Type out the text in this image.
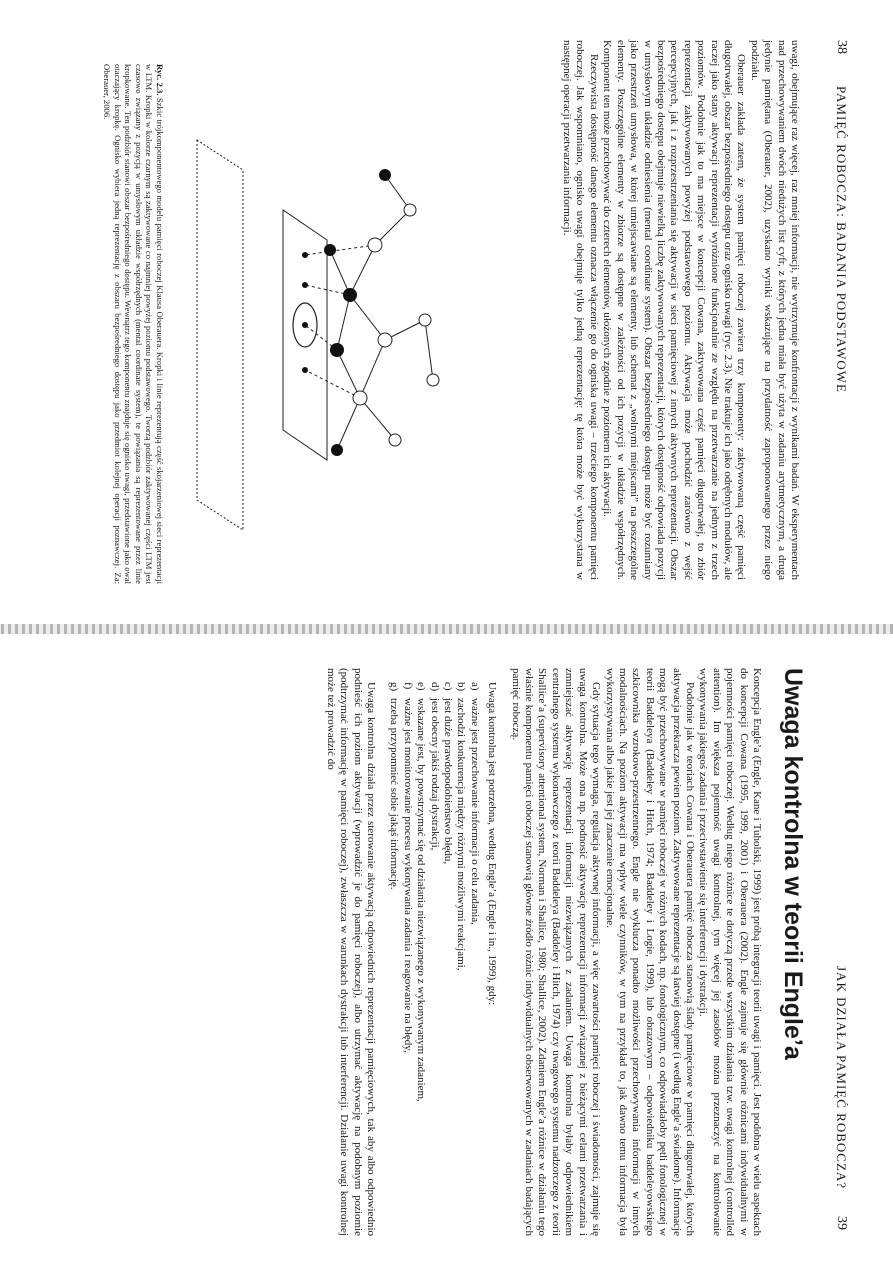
38
PAMIĘĆ ROBOCZA: BADANIA PODSTAWOWE

uwagi, obejmujące raz więcej, raz mniej informacji, nie wytrzymuje konfrontacji z wynikami badań. W eksperymentach nad przechowywaniem dwóch niedużych list cyfr, z których jedna miała być użyta w zadaniu arytmetycznym, a druga jedynie pamiętana (Oberauer, 2002), uzyskano wyniki wskazujące na przydatność zaproponowanego przez niego podziału.

Oberauer zakłada zatem, że system pamięci roboczej zawiera trzy komponenty: zaktywowaną część pamięci długotrwałej, obszar bezpośredniego dostępu oraz ognisko uwagi (ryc. 2.3). Nie traktuje ich jako odrębnych modułów, ale raczej jako stany aktywacji reprezentacji wyróżnione funkcjonalnie ze względu na przetwarzanie na jednym z trzech poziomów. Podobnie jak to ma miejsce w koncepcji Cowana, zaktywowana część pamięci długotrwałej, to zbiór reprezentacji zaktywowanych powyżej podstawowego poziomu. Aktywacja może pochodzić zarówno z wejść percepcyjnych, jak i z rozprzestrzeniania się aktywacji w sieci pamięciowej z innych aktywnych reprezentacji. Obszar bezpośredniego dostępu obejmuje niewielką liczbę zaktywowanych reprezentacji, których dostępność odpowiada pozycji w umysłowym układzie odniesienia (mental coordinate system). Obszar bezpośredniego dostępu może być rozumiany jako przestrzeń umysłowa, w której umiejscawiane są elementy, lub schemat z „wolnymi miejscami” na poszczególne elementy. Poszczególne elementy w zbiorze są dostępne w zależności od ich pozycji w układzie współrzędnych. Komponent ten może przechowywać do czterech elementów, ułożonych zgodnie z poziomem ich aktywacji.

Rzeczywista dostępność danego elementu oznacza włączenie go do ogniska uwagi – trzeciego komponentu pamięci roboczej. Jak wspomniano, ognisko uwagi obejmuje tylko jedną reprezentację: tę która może być wykorzystana w następnej operacji przetwarzania informacji.

Ryc. 2.3. Szkic trójkomponentowego modelu pamięci roboczej Klausa Oberauera. Kropki i linie reprezentują część skojarzeniowej sieci reprezentacji w LTM. Kropki w kolorze czarnym są zaktywowane co najmniej powyżej poziomu podstawowego. Tworzą podzbiór zaktywowanej części LTM jest czasowo związany z pozycją w umysłowym układzie współrzędnych (mental coordinate system), te powiązania są reprezentowane przez linie kropkowane. Ten podzbiór stanowi obszar bezpośredniego dostępu. Wewnątrz tego komponentu znajduje się ognisko uwagi, przedstawione jako owal otaczający kropkę. Ognisko wybiera jedną reprezentację z obszaru bezpośredniego dostępu jako przedmiot kolejnej operacji poznawczej. Za: Oberauer, 2006.
JAK DZIAŁA PAMIĘĆ ROBOCZA?
39
Uwaga kontrolna w teorii Engle’a

Koncepcja Engle’a (Engle, Kane i Tuholski, 1999) jest próbą integracji teorii uwagi i pamięci. Jest podobna w wielu aspektach do koncepcji Cowana (1995, 1999, 2001) i Oberauera (2002). Engle zajmuje się głównie różnicami indywidualnymi w pojemności pamięci roboczej. Według niego różnice te dotyczą przede wszystkim działania tzw. uwagi kontrolnej (controlled attention). Im większa pojemność uwagi kontrolnej, tym więcej jej zasobów można przeznaczyć na kontrolowanie wykonywania jakiegoś zadania i przeciwstawienie się interferencji i dystrakcji.

Podobnie jak w teoriach Cowana i Oberauera pamięć robocza stanowią ślady pamięciowe w pamięci długotrwałej, których aktywacja przekracza pewien poziom. Zaktywowane reprezentacje są łatwiej dostępne (i według Engle’a świadome). Informacje mogą być przechowywane w pamięci roboczej w różnych kodach, np. fonologicznym, co odpowiadałoby pętli fonologicznej w teorii Baddeleya (Baddeley i Hitch, 1974; Baddeley i Logie, 1999), lub obrazowym – odpowiedniku baddeleyowskiego szkicownika wzrokowo-przestrzennego. Engle nie wyklucza ponadto możliwości przechowywania informacji w innych modalnościach. Na poziom aktywacji ma wpływ wiele czynników, w tym na przykład to, jak dawno temu informacja była wykorzystywana albo jakie jest jej znaczenie emocjonalne.

Gdy sytuacja tego wymaga, regulacja aktywnej informacji, a więc zawartości pamięci roboczej i świadomości, zajmuje się uwaga kontrolna. Może ona np. podnosić aktywację reprezentacji informacji związanej z bieżącymi celami przetwarzania i zmniejszać aktywację reprezentacji informacji niezwiązanych z zadaniem. Uwaga kontrolna byłaby odpowiednikiem centralnego systemu wykonawczego z teorii Baddeleya (Baddeley i Hitch, 1974) czy uwagowego systemu nadzorczego z teorii Shallice’a (supervisory attentional system, Norman i Shallice, 1980; Shallice, 2002). Zdaniem Engle’a różnice w działaniu tego właśnie komponentu pamięci roboczej stanowią główne źródło różnic indywidualnych obserwowanych w zadaniach badających pamięć roboczą.

Uwaga kontrolna jest potrzebna, według Engle’a (Engle i in., 1999), gdy:

a)
ważne jest przechowanie informacji o celu zadania,
b)
zachodzi konkurencja między różnymi możliwymi reakcjami,
c)
jest duże prawdopodobieństwo błędu,
d)
jest obecny jakiś rodzaj dystrakcji,
e)
wskazane jest, by powstrzymać się od działania niezwiązanego z wykonywanym zadaniem,
f)
ważne jest monitorowanie procesu wykonywania zadania i reagowanie na błędy,
g)
trzeba przypomnieć sobie jakąś informację.

Uwaga kontrolna działa przez sterowanie aktywacją odpowiednich reprezentacji pamięciowych, tak aby albo odpowiednio podnieść ich poziom aktywacji (wprowadzić je do pamięci roboczej), albo utrzymać aktywację na podobnym poziomie (podtrzymać informację w pamięci roboczej), zwłaszcza w warunkach dystrakcji lub interferencji. Działanie uwagi kontrolnej może też prowadzić do
